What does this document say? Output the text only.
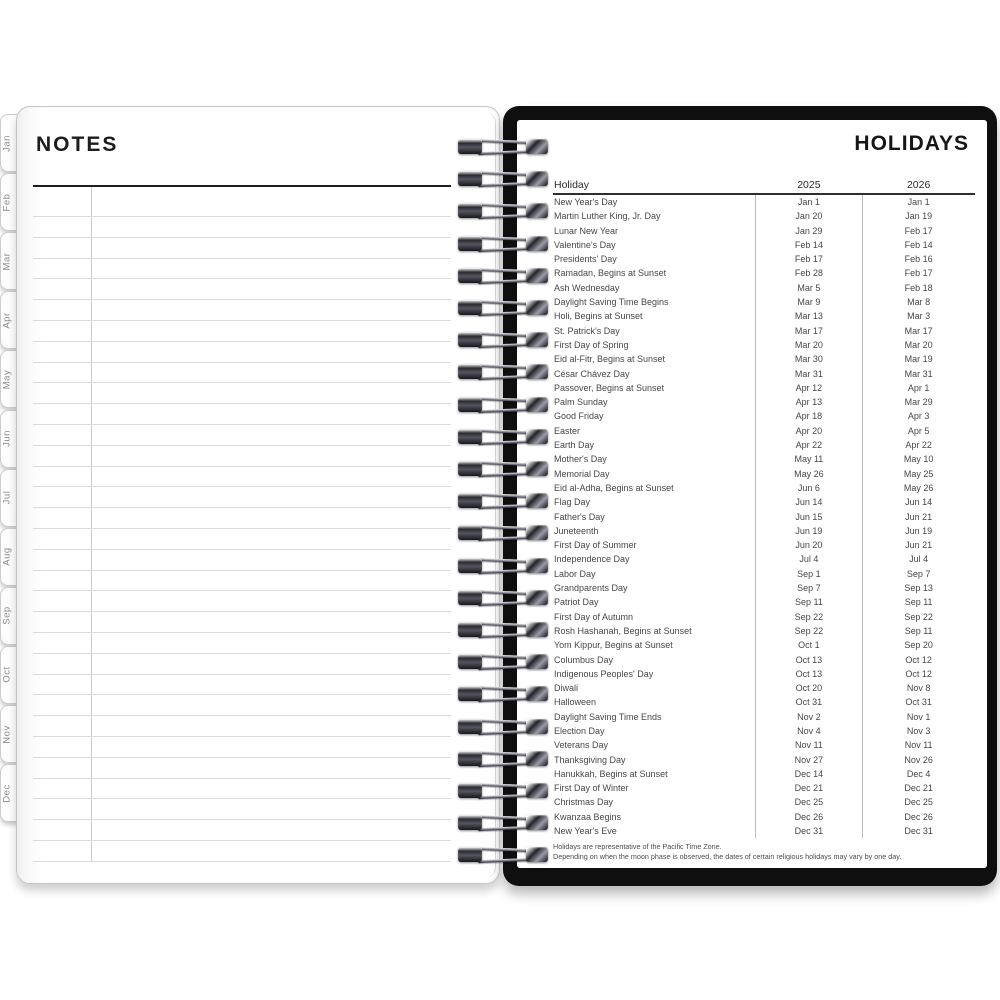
Jan
Feb
Mar
Apr
May
Jun
Jul
Aug
Sep
Oct
Nov
Dec
NOTES	HOLIDAYS
Holiday	2025	2026
New Year's Day	Jan 1	Jan 1
Martin Luther King, Jr. Day	Jan 20	Jan 19
Lunar New Year	Jan 29	Feb 17
Valentine's Day	Feb 14	Feb 14
Presidents' Day	Feb 17	Feb 16
Ramadan, Begins at Sunset	Feb 28	Feb 17
Ash Wednesday	Mar 5	Feb 18
Daylight Saving Time Begins	Mar 9	Mar 8
Holi, Begins at Sunset	Mar 13	Mar 3
St. Patrick's Day	Mar 17	Mar 17
First Day of Spring	Mar 20	Mar 20
Eid al-Fitr, Begins at Sunset	Mar 30	Mar 19
César Chávez Day	Mar 31	Mar 31
Passover, Begins at Sunset	Apr 12	Apr 1
Palm Sunday	Apr 13	Mar 29
Good Friday	Apr 18	Apr 3
Easter	Apr 20	Apr 5
Earth Day	Apr 22	Apr 22
Mother's Day	May 11	May 10
Memorial Day	May 26	May 25
Eid al-Adha, Begins at Sunset	Jun 6	May 26
Flag Day	Jun 14	Jun 14
Father's Day	Jun 15	Jun 21
Juneteenth	Jun 19	Jun 19
First Day of Summer	Jun 20	Jun 21
Independence Day	Jul 4	Jul 4
Labor Day	Sep 1	Sep 7
Grandparents Day	Sep 7	Sep 13
Patriot Day	Sep 11	Sep 11
First Day of Autumn	Sep 22	Sep 22
Rosh Hashanah, Begins at Sunset	Sep 22	Sep 11
Yom Kippur, Begins at Sunset	Oct 1	Sep 20
Columbus Day	Oct 13	Oct 12
Indigenous Peoples' Day	Oct 13	Oct 12
Diwali	Oct 20	Nov 8
Halloween	Oct 31	Oct 31
Daylight Saving Time Ends	Nov 2	Nov 1
Election Day	Nov 4	Nov 3
Veterans Day	Nov 11	Nov 11
Thanksgiving Day	Nov 27	Nov 26
Hanukkah, Begins at Sunset	Dec 14	Dec 4
First Day of Winter	Dec 21	Dec 21
Christmas Day	Dec 25	Dec 25
Kwanzaa Begins	Dec 26	Dec 26
New Year's Eve	Dec 31	Dec 31
Holidays are representative of the Pacific Time Zone.
Depending on when the moon phase is observed, the dates of certain religious holidays may vary by one day.
